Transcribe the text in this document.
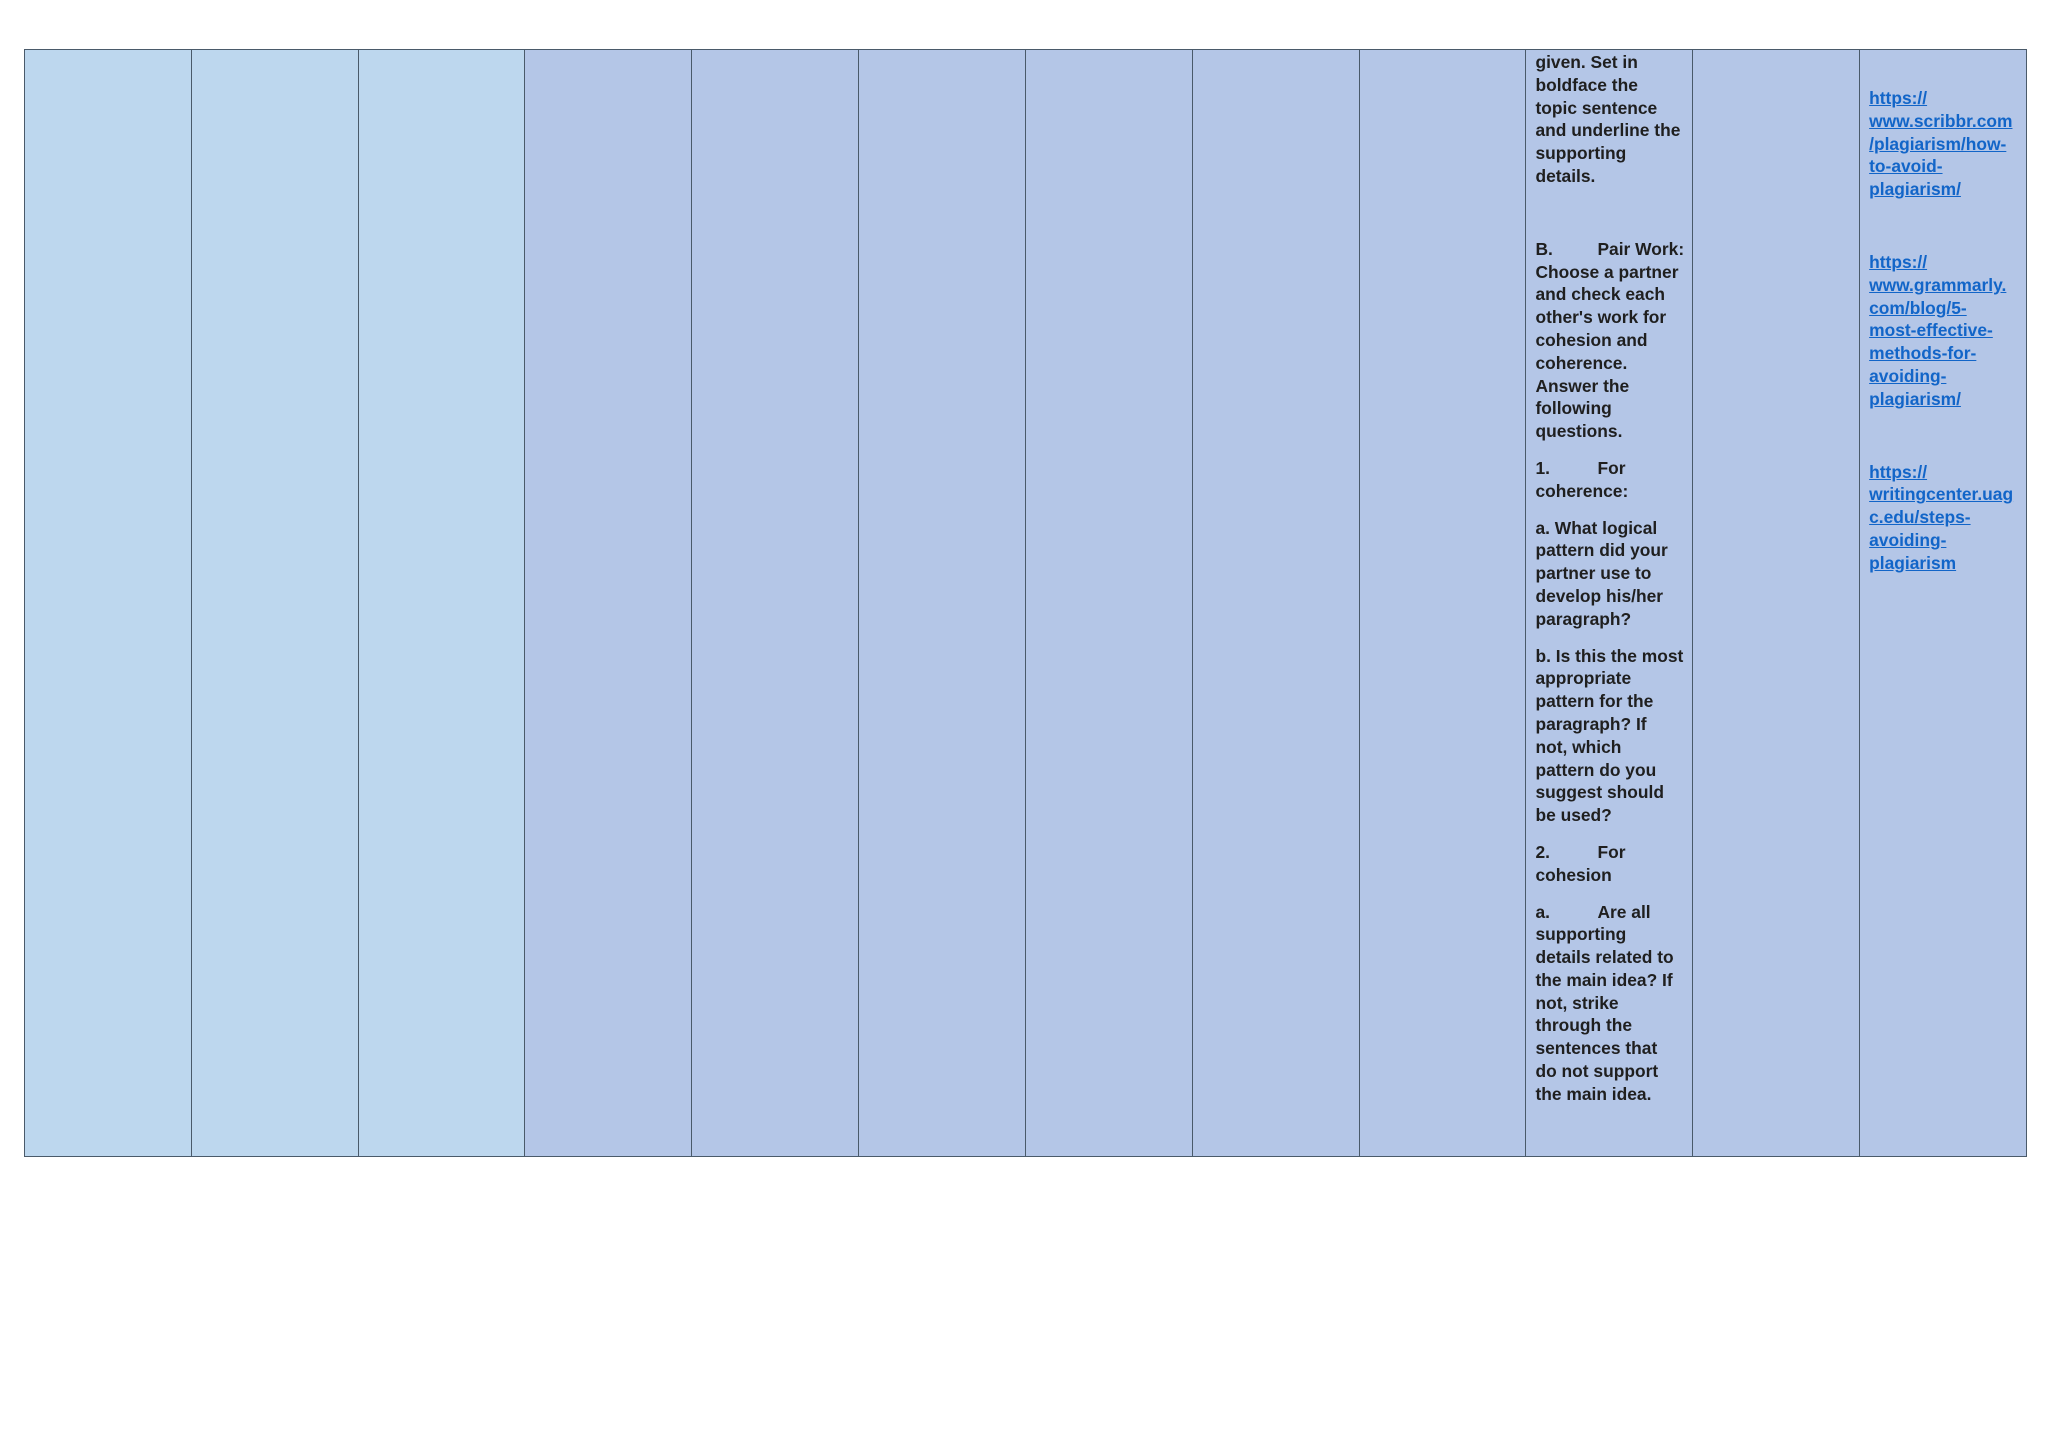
given. Set in
boldface the
topic sentence
and underline the
supporting
details.

B.	Pair Work:
Choose a partner
and check each
other's work for
cohesion and
coherence.
Answer the
following
questions.

1.	For
coherence:

a. What logical
pattern did your
partner use to
develop his/her
paragraph?

b. Is this the most
appropriate
pattern for the
paragraph? If
not, which
pattern do you
suggest should
be used?

2.	For
cohesion

a.	Are all
supporting
details related to
the main idea? If
not, strike
through the
sentences that
do not support
the main idea.

https://
www.scribbr.com
/plagiarism/how-
to-avoid-
plagiarism/
https://
www.grammarly.
com/blog/5-
most-effective-
methods-for-
avoiding-
plagiarism/
https://
writingcenter.uag
c.edu/steps-
avoiding-
plagiarism
